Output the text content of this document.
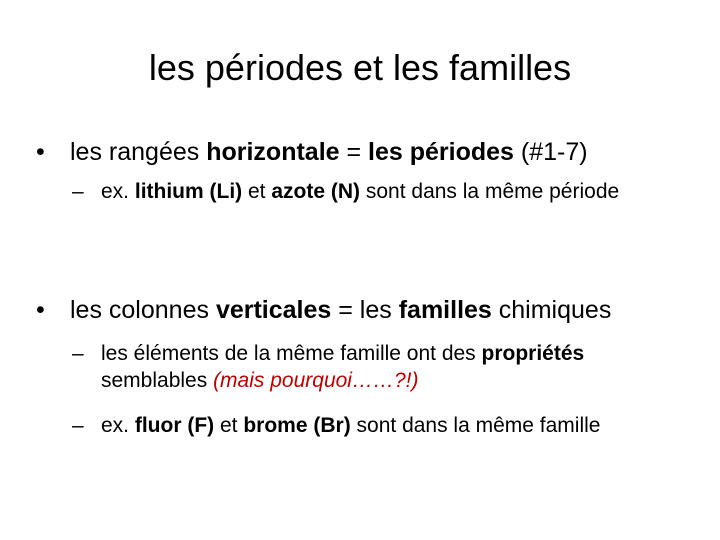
les périodes et les familles
• les rangées horizontale = les périodes (#1-7)
– ex. lithium (Li) et azote (N) sont dans la même période
• les colonnes verticales = les familles chimiques
– les éléments de la même famille ont des propriétés semblables (mais pourquoi……?!)
– ex. fluor (F) et brome (Br) sont dans la même famille
